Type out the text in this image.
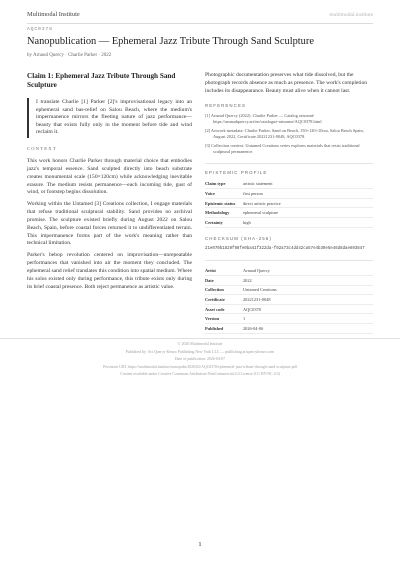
Multimodal Institute	multimodal.institute
AQC0378
Nanopublication — Ephemeral Jazz Tribute Through Sand Sculpture
by Arnaud Quercy · Charlie Parker · 2022
Claim 1: Ephemeral Jazz Tribute Through Sand Sculpture
I translate Charlie [1] Parker [2]'s improvisational legacy into an ephemeral sand bas-relief on Salou Beach, where the medium's impermanence mirrors the fleeting nature of jazz performance—beauty that exists fully only in the moment before tide and wind reclaim it.
CONTEXT
This work honors Charlie Parker through material choice that embodies jazz's temporal essence. Sand sculpted directly into beach substrate creates monumental scale (150×120cm) while acknowledging inevitable erasure. The medium resists permanence—each incoming tide, gust of wind, or footstep begins dissolution.
Working within the Untamed [3] Creations collection, I engage materials that refuse traditional sculptural stability. Sand provides no archival promise. The sculpture existed briefly during August 2022 on Salou Beach, Spain, before coastal forces returned it to undifferentiated terrain. This impermanence forms part of the work's meaning rather than technical limitation.
Parker's bebop revolution centered on improvisation—unrepeatable performances that vanished into air the moment they concluded. The ephemeral sand relief translates this condition into spatial medium. Where his solos existed only during performance, this tribute exists only during its brief coastal presence. Both reject permanence as artistic value.
Photographic documentation preserves what tide dissolved, but the photograph records absence as much as presence. The work's completion includes its disappearance. Beauty must alive when it cannot last.
REFERENCES
[1] Arnaud Quercy (2022). Charlie Parker — Catalog raisonné https://arnaudquercy.art/en/catalogue-raisonne/AQC0378.html
[2] Artwork metadata: Charlie Parker, Sand on Beach, 150×120×10cm, Salou Beach Spain, August 2022, Certificate 20221231-0048, AQC0378.
[3] Collection context: Untamed Creations series explores materials that resist traditional sculptural permanence.
EPISTEMIC PROFILE
Claim type	artistic statement
Voice	first person
Epistemic status	direct artistic practice
Methodology	ephemeral sculpture
Certainty	high
CHECKSUM (SHA-256)
21e070b1829f98fe0ba41f322da-f02a73c4dd42ca57e4b39e5e46d8dae693847
Artist	Arnaud Quercy
Date	2022
Collection	Untamed Creations
Certificate	20221231-0048
Asset code	AQC0378
Version	1
Published	2026-04-06
© 2026 Multimodal Institute
Published by: Art Quercy-Kenzo Publishing New York LLC — publishing.artquercykenzo.com
Date of publication: 2026-04-07
Persistent URI: https://multimodal.institute/nanopubs/2026/02/AQC0378/ephemeral-jazz-tribute-through-sand-sculpture.pdf
Content available under Creative Commons Attribution-NonCommercial 4.0 License (CC BY-NC 4.0)
1
